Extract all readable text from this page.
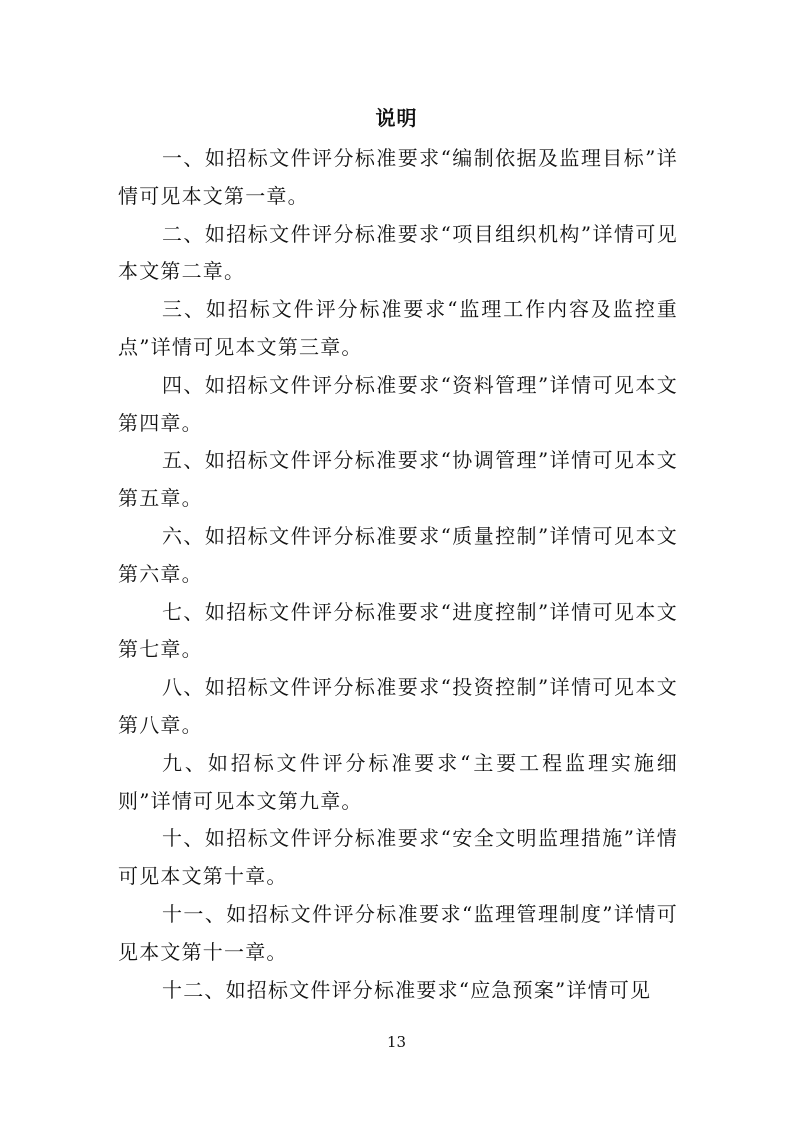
说明

一、如招标文件评分标准要求“编制依据及监理目标”详情可见本文第一章。

二、如招标文件评分标准要求“项目组织机构”详情可见本文第二章。

三、如招标文件评分标准要求“监理工作内容及监控重点”详情可见本文第三章。

四、如招标文件评分标准要求“资料管理”详情可见本文第四章。

五、如招标文件评分标准要求“协调管理”详情可见本文第五章。

六、如招标文件评分标准要求“质量控制”详情可见本文第六章。

七、如招标文件评分标准要求“进度控制”详情可见本文第七章。

八、如招标文件评分标准要求“投资控制”详情可见本文第八章。

九、如招标文件评分标准要求“主要工程监理实施细则”详情可见本文第九章。

十、如招标文件评分标准要求“安全文明监理措施”详情可见本文第十章。

十一、如招标文件评分标准要求“监理管理制度”详情可见本文第十一章。

十二、如招标文件评分标准要求“应急预案”详情可见

13
